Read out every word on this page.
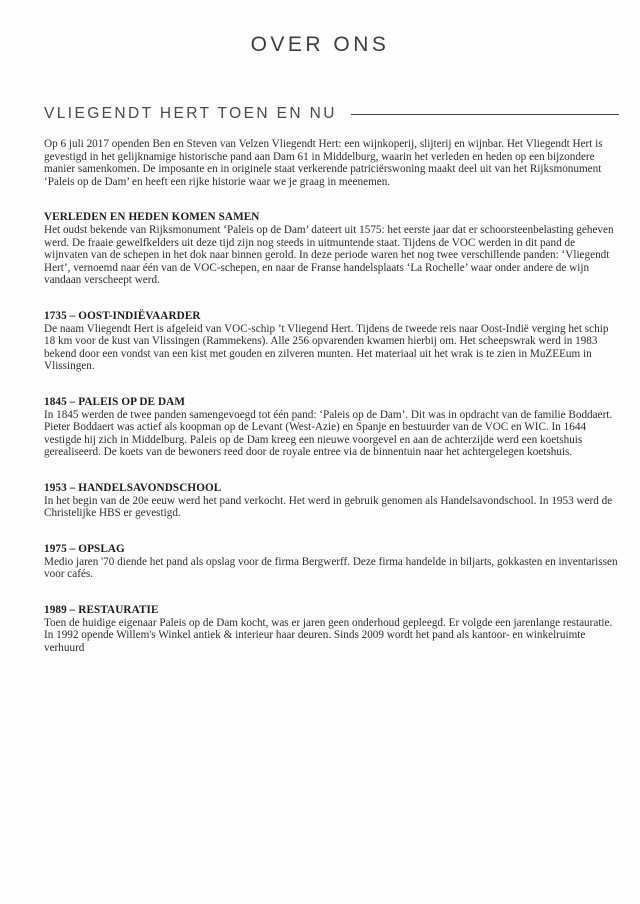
OVER ONS
VLIEGENDT HERT TOEN EN NU

Op 6 juli 2017 openden Ben en Steven van Velzen Vliegendt Hert: een wijnkoperij, slijterij en wijnbar. Het Vliegendt Hert is gevestigd in het gelijknamige historische pand aan Dam 61 in Middelburg, waarin het verleden en heden op een bijzondere manier samenkomen. De imposante en in originele staat verkerende patriciërswoning maakt deel uit van het Rijksmonument ‘Paleis op de Dam’ en heeft een rijke historie waar we je graag in meenemen.

VERLEDEN EN HEDEN KOMEN SAMEN

Het oudst bekende van Rijksmonument ‘Paleis op de Dam’ dateert uit 1575: het eerste jaar dat er schoorsteenbelasting geheven werd. De fraaie gewelfkelders uit deze tijd zijn nog steeds in uitmuntende staat. Tijdens de VOC werden in dit pand de wijnvaten van de schepen in het dok naar binnen gerold. In deze periode waren het nog twee verschillende panden: ‘Vliegendt Hert’, vernoemd naar één van de VOC-schepen, en naar de Franse handelsplaats ‘La Rochelle’ waar onder andere de wijn vandaan verscheept werd.

1735 – OOST-INDIËVAARDER

De naam Vliegendt Hert is afgeleid van VOC-schip ’t Vliegend Hert. Tijdens de tweede reis naar Oost-Indië verging het schip 18 km voor de kust van Vlissingen (Rammekens). Alle 256 opvarenden kwamen hierbij om. Het scheepswrak werd in 1983 bekend door een vondst van een kist met gouden en zilveren munten. Het materiaal uit het wrak is te zien in MuZEEum in Vlissingen.

1845 – PALEIS OP DE DAM

In 1845 werden de twee panden samengevoegd tot één pand: ‘Paleis op de Dam’. Dit was in opdracht van de familie Boddaert. Pieter Boddaert was actief als koopman op de Levant (West-Azie) en Spanje en bestuurder van de VOC en WIC. In 1644 vestigde hij zich in Middelburg. Paleis op de Dam kreeg een nieuwe voorgevel en aan de achterzijde werd een koetshuis gerealiseerd. De koets van de bewoners reed door de royale entree via de binnentuin naar het achtergelegen koetshuis.

1953 – HANDELSAVONDSCHOOL

In het begin van de 20e eeuw werd het pand verkocht. Het werd in gebruik genomen als Handelsavondschool. In 1953 werd de Christelijke HBS er gevestigd.

1975 – OPSLAG

Medio jaren '70 diende het pand als opslag voor de firma Bergwerff. Deze firma handelde in biljarts, gokkasten en inventarissen voor cafés.

1989 – RESTAURATIE

Toen de huidige eigenaar Paleis op de Dam kocht, was er jaren geen onderhoud gepleegd. Er volgde een jarenlange restauratie. In 1992 opende Willem's Winkel antiek & interieur haar deuren. Sinds 2009 wordt het pand als kantoor- en winkelruimte verhuurd
